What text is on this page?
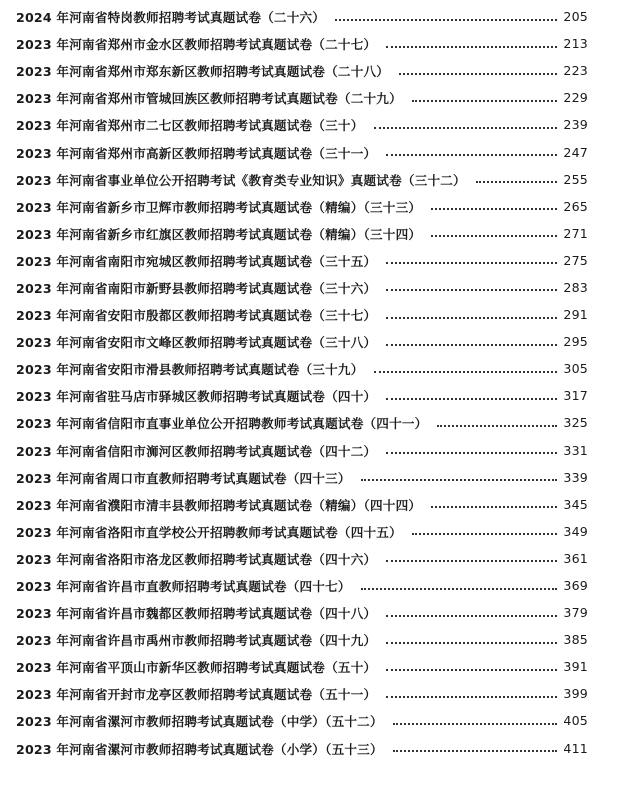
2024 年河南省特岗教师招聘考试真题试卷（二十六）	205
2023 年河南省郑州市金水区教师招聘考试真题试卷（二十七）	213
2023 年河南省郑州市郑东新区教师招聘考试真题试卷（二十八）	223
2023 年河南省郑州市管城回族区教师招聘考试真题试卷（二十九）	229
2023 年河南省郑州市二七区教师招聘考试真题试卷（三十）	239
2023 年河南省郑州市高新区教师招聘考试真题试卷（三十一）	247
2023 年河南省事业单位公开招聘考试《教育类专业知识》真题试卷（三十二）	255
2023 年河南省新乡市卫辉市教师招聘考试真题试卷（精编）（三十三）	265
2023 年河南省新乡市红旗区教师招聘考试真题试卷（精编）（三十四）	271
2023 年河南省南阳市宛城区教师招聘考试真题试卷（三十五）	275
2023 年河南省南阳市新野县教师招聘考试真题试卷（三十六）	283
2023 年河南省安阳市殷都区教师招聘考试真题试卷（三十七）	291
2023 年河南省安阳市文峰区教师招聘考试真题试卷（三十八）	295
2023 年河南省安阳市滑县教师招聘考试真题试卷（三十九）	305
2023 年河南省驻马店市驿城区教师招聘考试真题试卷（四十）	317
2023 年河南省信阳市直事业单位公开招聘教师考试真题试卷（四十一）	325
2023 年河南省信阳市浉河区教师招聘考试真题试卷（四十二）	331
2023 年河南省周口市直教师招聘考试真题试卷（四十三）	339
2023 年河南省濮阳市清丰县教师招聘考试真题试卷（精编）（四十四）	345
2023 年河南省洛阳市直学校公开招聘教师考试真题试卷（四十五）	349
2023 年河南省洛阳市洛龙区教师招聘考试真题试卷（四十六）	361
2023 年河南省许昌市直教师招聘考试真题试卷（四十七）	369
2023 年河南省许昌市魏都区教师招聘考试真题试卷（四十八）	379
2023 年河南省许昌市禹州市教师招聘考试真题试卷（四十九）	385
2023 年河南省平顶山市新华区教师招聘考试真题试卷（五十）	391
2023 年河南省开封市龙亭区教师招聘考试真题试卷（五十一）	399
2023 年河南省漯河市教师招聘考试真题试卷（中学）（五十二）	405
2023 年河南省漯河市教师招聘考试真题试卷（小学）（五十三）	411
